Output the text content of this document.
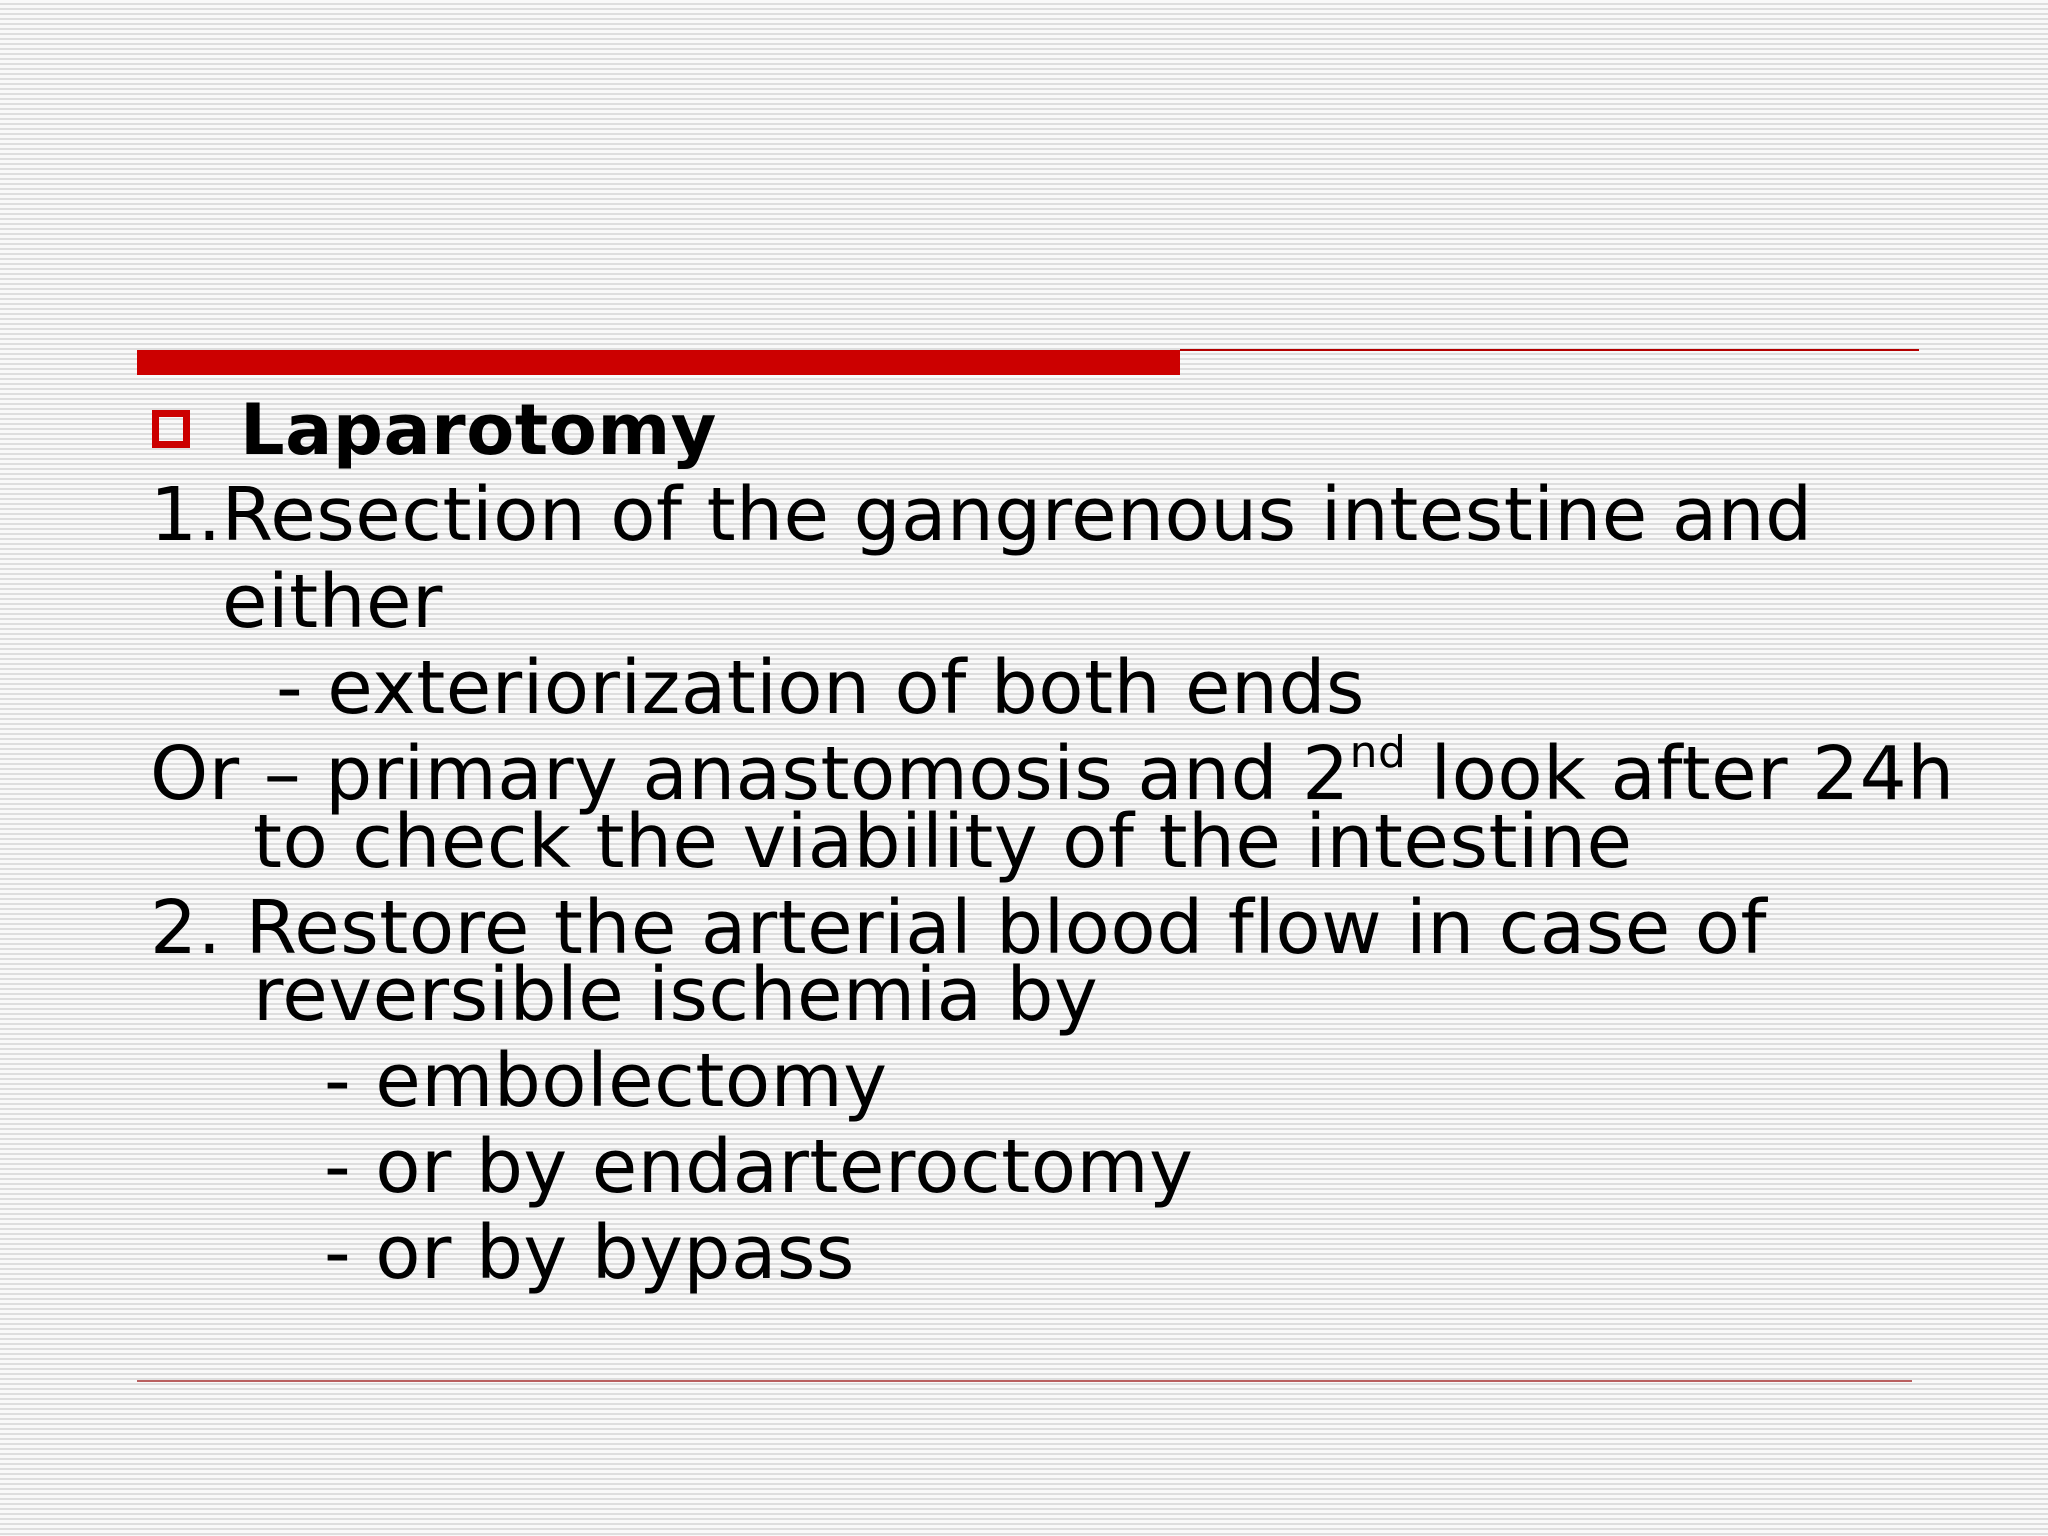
Laparotomy
1.Resection of the gangrenous intestine and
either
- exteriorization of both ends
Or – primary anastomosis and 2nd look after 24h
to check the viability of the intestine
2. Restore the arterial blood flow in case of
reversible ischemia by
- embolectomy
- or by endarteroctomy
- or by bypass
